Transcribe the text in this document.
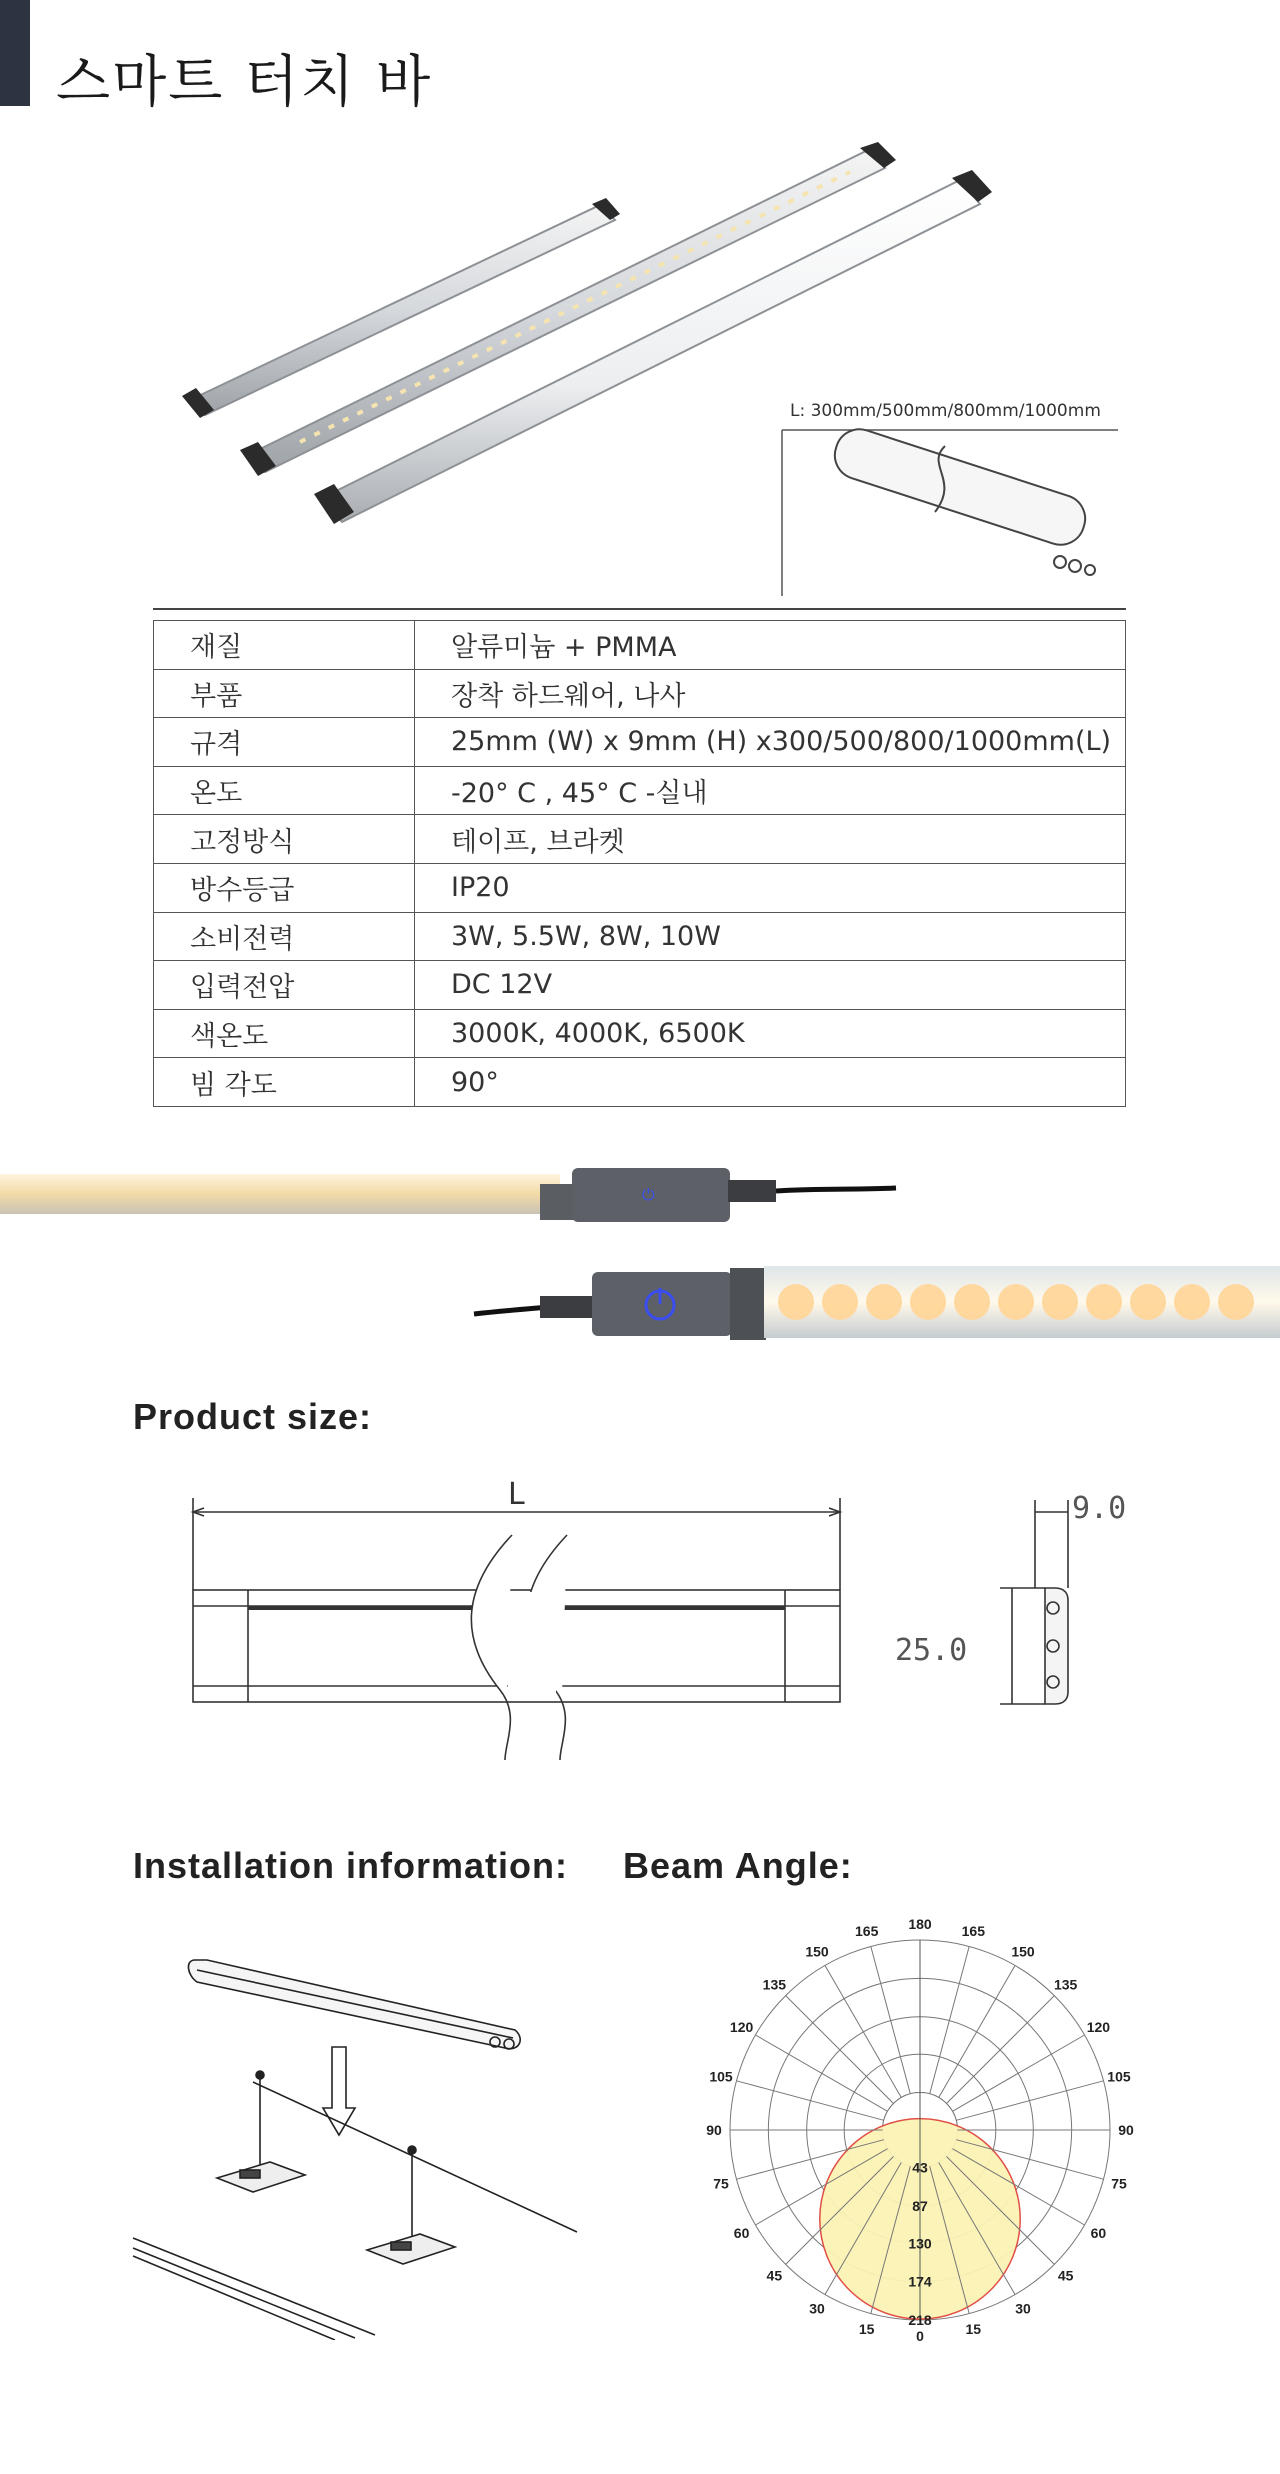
스마트 터치 바
L: 300mm/500mm/800mm/1000mm
재질	알류미늄 + PMMA
부품	장착 하드웨어, 나사
규격	25mm (W) x 9mm (H) x300/500/800/1000mm(L)
온도	-20° C , 45° C -실내
고정방식	테이프, 브라켓
방수등급	IP20
소비전력	3W, 5.5W, 8W, 10W
입력전압	DC 12V
색온도	3000K, 4000K, 6500K
빔 각도	90°
⏻
Product size:
L	9.0
25.0
Installation information: Beam Angle:
180
165
150
135
120
105
90
75
60
45
30
15	0
165
150
135
120
105
90
75
60
45
30
15
43
87
130
174
218
